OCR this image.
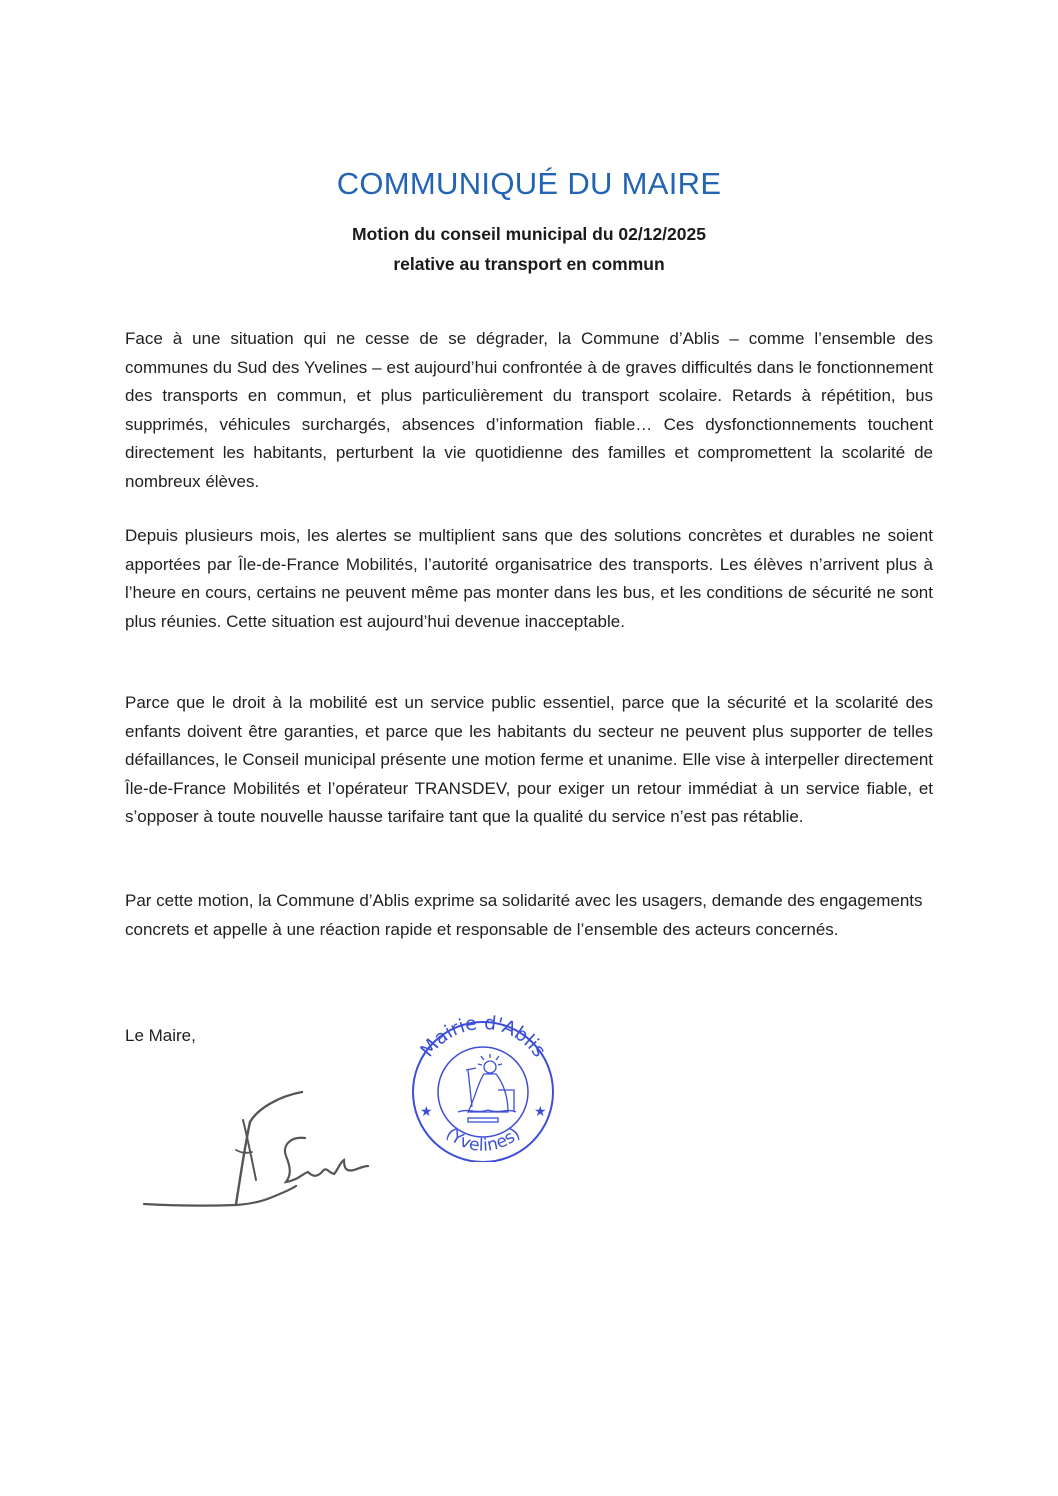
COMMUNIQUÉ DU MAIRE
Motion du conseil municipal du 02/12/2025
relative au transport en commun

Face à une situation qui ne cesse de se dégrader, la Commune d’Ablis – comme l’ensemble des communes du Sud des Yvelines – est aujourd’hui confrontée à de graves difficultés dans le fonctionnement des transports en commun, et plus particulièrement du transport scolaire. Retards à répétition, bus supprimés, véhicules surchargés, absences d’information fiable… Ces dysfonctionnements touchent directement les habitants, perturbent la vie quotidienne des familles et compromettent la scolarité de nombreux élèves.

Depuis plusieurs mois, les alertes se multiplient sans que des solutions concrètes et durables ne soient apportées par Île-de-France Mobilités, l’autorité organisatrice des transports. Les élèves n’arrivent plus à l’heure en cours, certains ne peuvent même pas monter dans les bus, et les conditions de sécurité ne sont plus réunies. Cette situation est aujourd’hui devenue inacceptable.

Parce que le droit à la mobilité est un service public essentiel, parce que la sécurité et la scolarité des enfants doivent être garanties, et parce que les habitants du secteur ne peuvent plus supporter de telles défaillances, le Conseil municipal présente une motion ferme et unanime. Elle vise à interpeller directement Île-de-France Mobilités et l’opérateur TRANSDEV, pour exiger un retour immédiat à un service fiable, et s’opposer à toute nouvelle hausse tarifaire tant que la qualité du service n’est pas rétablie.

Par cette motion, la Commune d’Ablis exprime sa solidarité avec les usagers, demande des engagements concrets et appelle à une réaction rapide et responsable de l’ensemble des acteurs concernés.

Le Maire,	Mairie d'Ablis
(Yvelines)
★	★
